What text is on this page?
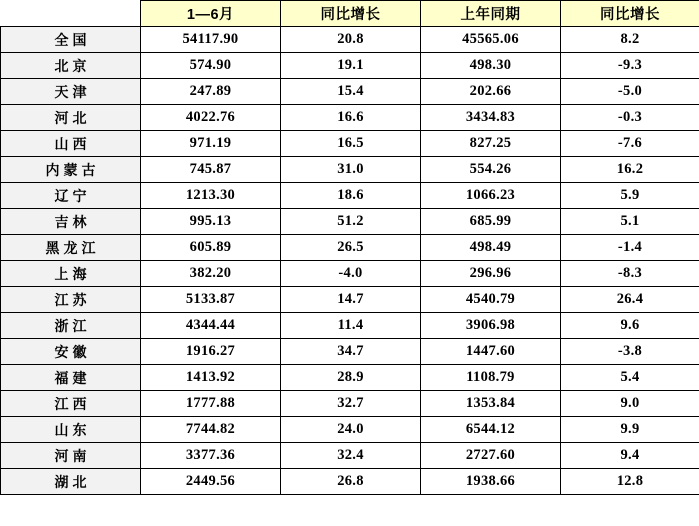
	1—6月	同比增长	上年同期	同比增长
全国	54117.90	20.8	45565.06	8.2
北京	574.90	19.1	498.30	-9.3
天津	247.89	15.4	202.66	-5.0
河北	4022.76	16.6	3434.83	-0.3
山西	971.19	16.5	827.25	-7.6
内蒙古	745.87	31.0	554.26	16.2
辽宁	1213.30	18.6	1066.23	5.9
吉林	995.13	51.2	685.99	5.1
黑龙江	605.89	26.5	498.49	-1.4
上海	382.20	-4.0	296.96	-8.3
江苏	5133.87	14.7	4540.79	26.4
浙江	4344.44	11.4	3906.98	9.6
安徽	1916.27	34.7	1447.60	-3.8
福建	1413.92	28.9	1108.79	5.4
江西	1777.88	32.7	1353.84	9.0
山东	7744.82	24.0	6544.12	9.9
河南	3377.36	32.4	2727.60	9.4
湖北	2449.56	26.8	1938.66	12.8
